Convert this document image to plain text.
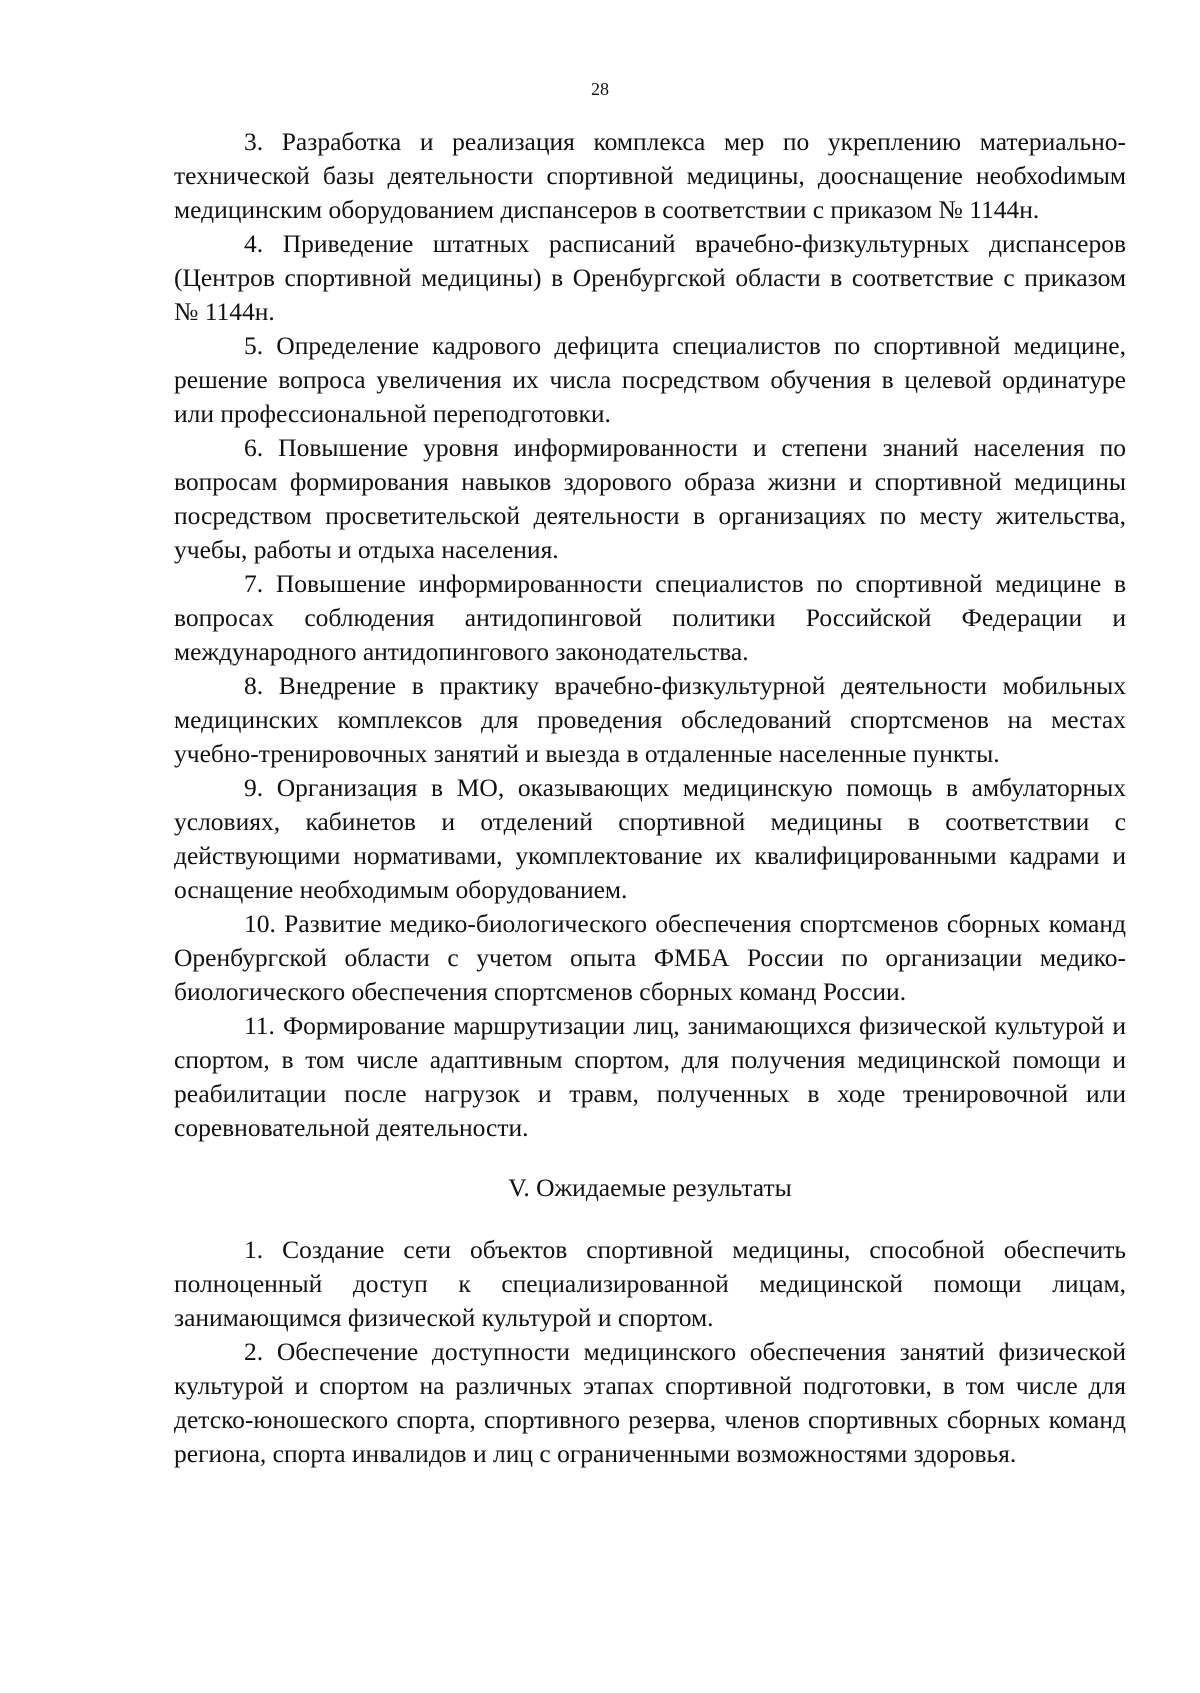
28

3. Разработка и реализация комплекса мер по укреплению материально-технической базы деятельности спортивной медицины, дооснащение необхоdимым медицинским оборудованием диспансеров в соответствии с приказом № 1144н.

4. Приведение штатных расписаний врачебно-физкультурных диспансеров (Центров спортивной медицины) в Оренбургской области в соответствие с приказом № 1144н.

5. Определение кадрового дефицита специалистов по спортивной медицине, решение вопроса увеличения их числа посредством обучения в целевой ординатуре или профессиональной переподготовки.

6. Повышение уровня информированности и степени знаний населения по вопросам формирования навыков здорового образа жизни и спортивной медицины посредством просветительской деятельности в организациях по месту жительства, учебы, работы и отдыха населения.

7. Повышение информированности специалистов по спортивной медицине в вопросах соблюдения антидопинговой политики Российской Федерации и международного антидопингового законодательства.

8. Внедрение в практику врачебно-физкультурной деятельности мобильных медицинских комплексов для проведения обследований спортсменов на местах учебно-тренировочных занятий и выезда в отдаленные населенные пункты.

9. Организация в МО, оказывающих медицинскую помощь в амбулаторных условиях, кабинетов и отделений спортивной медицины в соответствии с действующими нормативами, укомплектование их квалифицированными кадрами и оснащение необходимым оборудованием.

10. Развитие медико-биологического обеспечения спортсменов сборных команд Оренбургской области с учетом опыта ФМБА России по организации медико-биологического обеспечения спортсменов сборных команд России.

11. Формирование маршрутизации лиц, занимающихся физической культурой и спортом, в том числе адаптивным спортом, для получения медицинской помощи и реабилитации после нагрузок и травм, полученных в ходе тренировочной или соревновательной деятельности.

V. Ожидаемые результаты

1. Создание сети объектов спортивной медицины, способной обеспечить полноценный доступ к специализированной медицинской помощи лицам, занимающимся физической культурой и спортом.

2. Обеспечение доступности медицинского обеспечения занятий физической культурой и спортом на различных этапах спортивной подготовки, в том числе для детско-юношеского спорта, спортивного резерва, членов спортивных сборных команд региона, спорта инвалидов и лиц с ограниченными возможностями здоровья.
